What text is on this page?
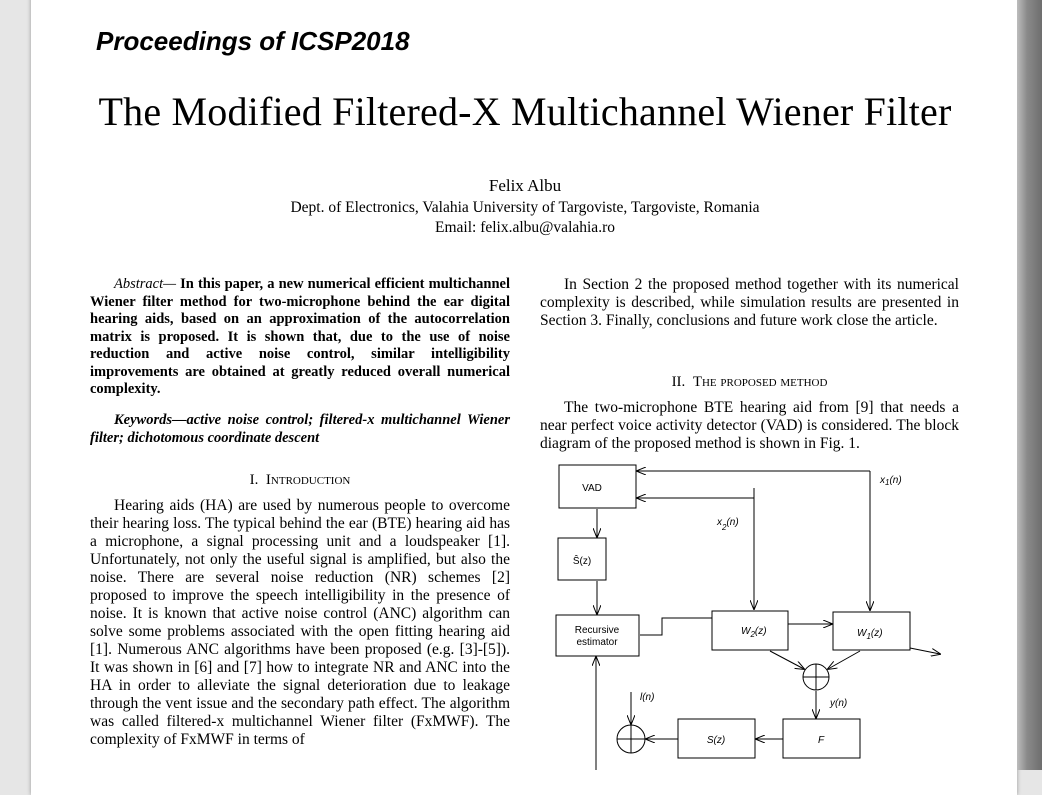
Proceedings of ICSP2018
The Modified Filtered-X Multichannel Wiener Filter
Felix Albu
Dept. of Electronics, Valahia University of Targoviste, Targoviste, Romania
Email: felix.albu@valahia.ro
Abstract— In this paper, a new numerical efficient multichannel Wiener filter method for two-microphone behind the ear digital hearing aids, based on an approximation of the autocorrelation matrix is proposed. It is shown that, due to the use of noise reduction and active noise control, similar intelligibility improvements are obtained at greatly reduced overall numerical complexity.
Keywords—active noise control; filtered-x multichannel Wiener filter; dichotomous coordinate descent
I. Introduction
Hearing aids (HA) are used by numerous people to overcome their hearing loss. The typical behind the ear (BTE) hearing aid has a microphone, a signal processing unit and a loudspeaker [1]. Unfortunately, not only the useful signal is amplified, but also the noise. There are several noise reduction (NR) schemes [2] proposed to improve the speech intelligibility in the presence of noise. It is known that active noise control (ANC) algorithm can solve some problems associated with the open fitting hearing aid [1]. Numerous ANC algorithms have been proposed (e.g. [3]-[5]). It was shown in [6] and [7] how to integrate NR and ANC into the HA in order to alleviate the signal deterioration due to leakage through the vent issue and the secondary path effect. The algorithm was called filtered-x multichannel Wiener filter (FxMWF). The complexity of FxMWF in terms of
In Section 2 the proposed method together with its numerical complexity is described, while simulation results are presented in Section 3. Finally, conclusions and future work close the article.
II. The proposed method
The two-microphone BTE hearing aid from [9] that needs a near perfect voice activity detector (VAD) is considered. The block diagram of the proposed method is shown in Fig. 1.
VAD
Ŝ(z)
Recursive
estimator
$W_2(z)$	$W_1(z)$
S(z)	F
$x_1(n)$
$x_2(n)$
l(n)
y(n)
